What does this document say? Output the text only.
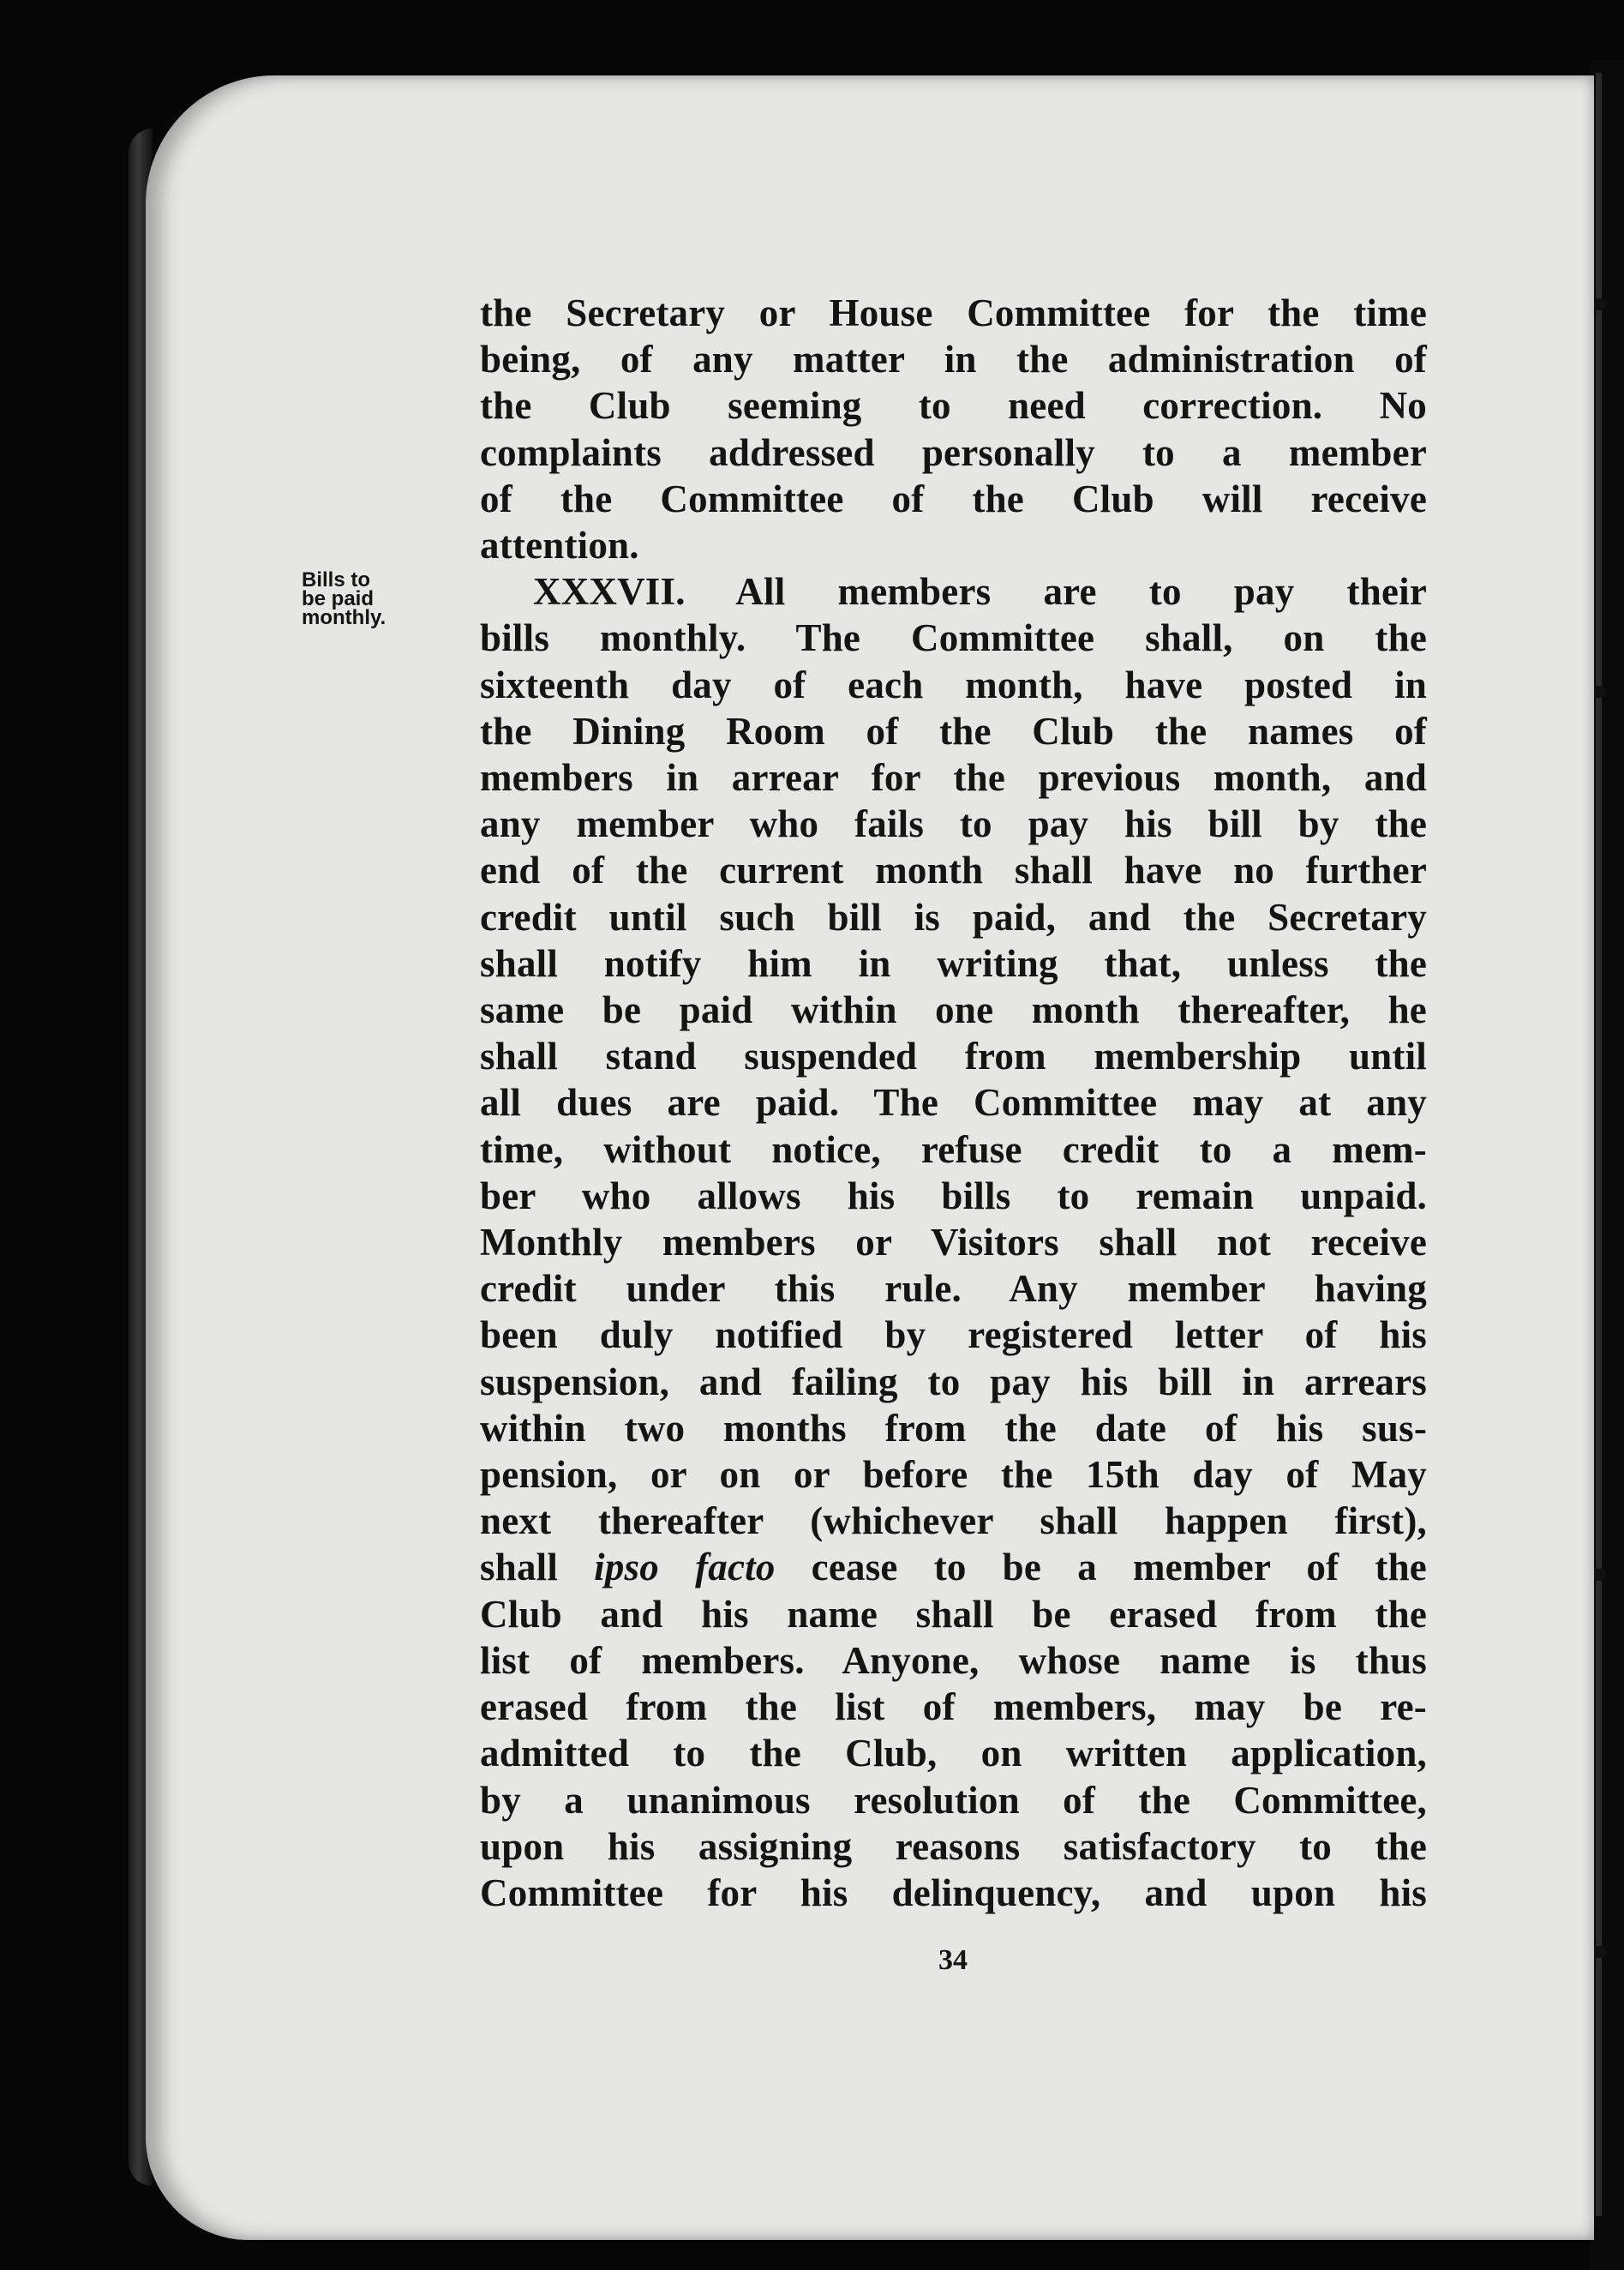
Bills to
be paid
monthly.
the Secretary or House Committee for the time
being, of any matter in the administration of
the Club seeming to need correction. No
complaints addressed personally to a member
of the Committee of the Club will receive
attention.
XXXVII. All members are to pay their
bills monthly. The Committee shall, on the
sixteenth day of each month, have posted in
the Dining Room of the Club the names of
members in arrear for the previous month, and
any member who fails to pay his bill by the
end of the current month shall have no further
credit until such bill is paid, and the Secretary
shall notify him in writing that, unless the
same be paid within one month thereafter, he
shall stand suspended from membership until
all dues are paid. The Committee may at any
time, without notice, refuse credit to a mem-
ber who allows his bills to remain unpaid.
Monthly members or Visitors shall not receive
credit under this rule. Any member having
been duly notified by registered letter of his
suspension, and failing to pay his bill in arrears
within two months from the date of his sus-
pension, or on or before the 15th day of May
next thereafter (whichever shall happen first),
shall ipso facto cease to be a member of the
Club and his name shall be erased from the
list of members. Anyone, whose name is thus
erased from the list of members, may be re-
admitted to the Club, on written application,
by a unanimous resolution of the Committee,
upon his assigning reasons satisfactory to the
Committee for his delinquency, and upon his
34
